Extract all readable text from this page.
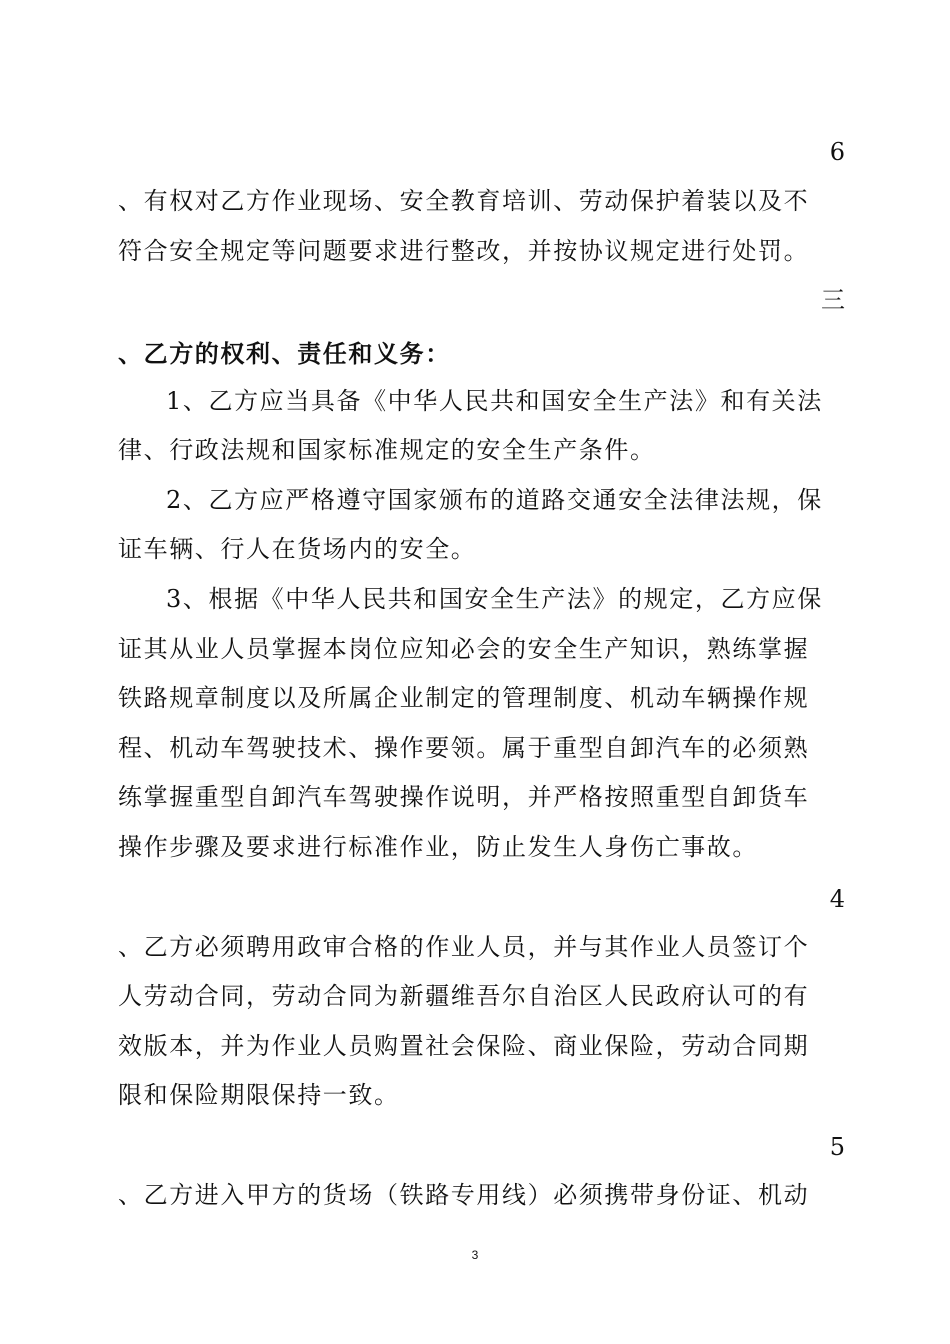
6
、有权对乙方作业现场、安全教育培训、劳动保护着装以及不
符合安全规定等问题要求进行整改，并按协议规定进行处罚。
三
、乙方的权利、责任和义务：
1、乙方应当具备《中华人民共和国安全生产法》和有关法
律、行政法规和国家标准规定的安全生产条件。
2、乙方应严格遵守国家颁布的道路交通安全法律法规，保
证车辆、行人在货场内的安全。
3、根据《中华人民共和国安全生产法》的规定，乙方应保
证其从业人员掌握本岗位应知必会的安全生产知识，熟练掌握
铁路规章制度以及所属企业制定的管理制度、机动车辆操作规
程、机动车驾驶技术、操作要领。属于重型自卸汽车的必须熟
练掌握重型自卸汽车驾驶操作说明，并严格按照重型自卸货车
操作步骤及要求进行标准作业，防止发生人身伤亡事故。
4
、乙方必须聘用政审合格的作业人员，并与其作业人员签订个
人劳动合同，劳动合同为新疆维吾尔自治区人民政府认可的有
效版本，并为作业人员购置社会保险、商业保险，劳动合同期
限和保险期限保持一致。
5
、乙方进入甲方的货场（铁路专用线）必须携带身份证、机动
3
